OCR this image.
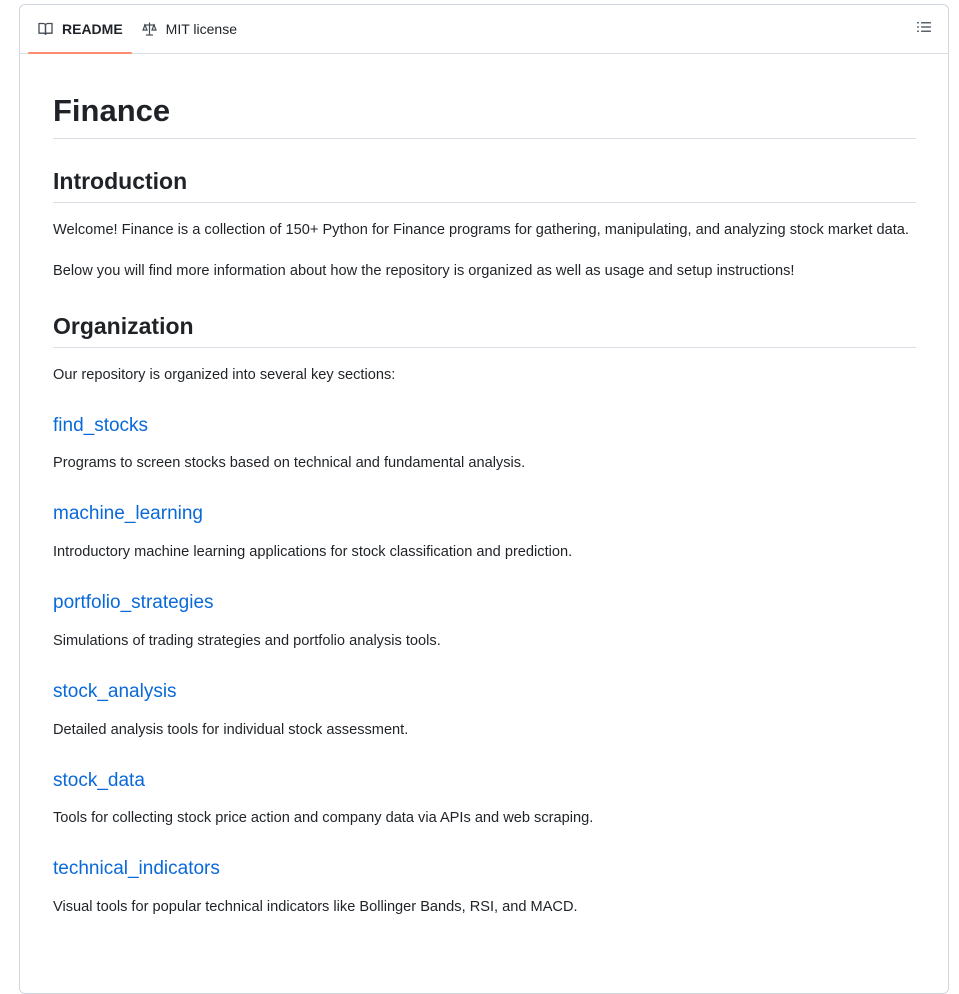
README	MIT license
Finance
Introduction

Welcome! Finance is a collection of 150+ Python for Finance programs for gathering, manipulating, and analyzing stock market data.

Below you will find more information about how the repository is organized as well as usage and setup instructions!

Organization

Our repository is organized into several key sections:

find_stocks

Programs to screen stocks based on technical and fundamental analysis.

machine_learning

Introductory machine learning applications for stock classification and prediction.

portfolio_strategies

Simulations of trading strategies and portfolio analysis tools.

stock_analysis

Detailed analysis tools for individual stock assessment.

stock_data

Tools for collecting stock price action and company data via APIs and web scraping.

technical_indicators

Visual tools for popular technical indicators like Bollinger Bands, RSI, and MACD.
